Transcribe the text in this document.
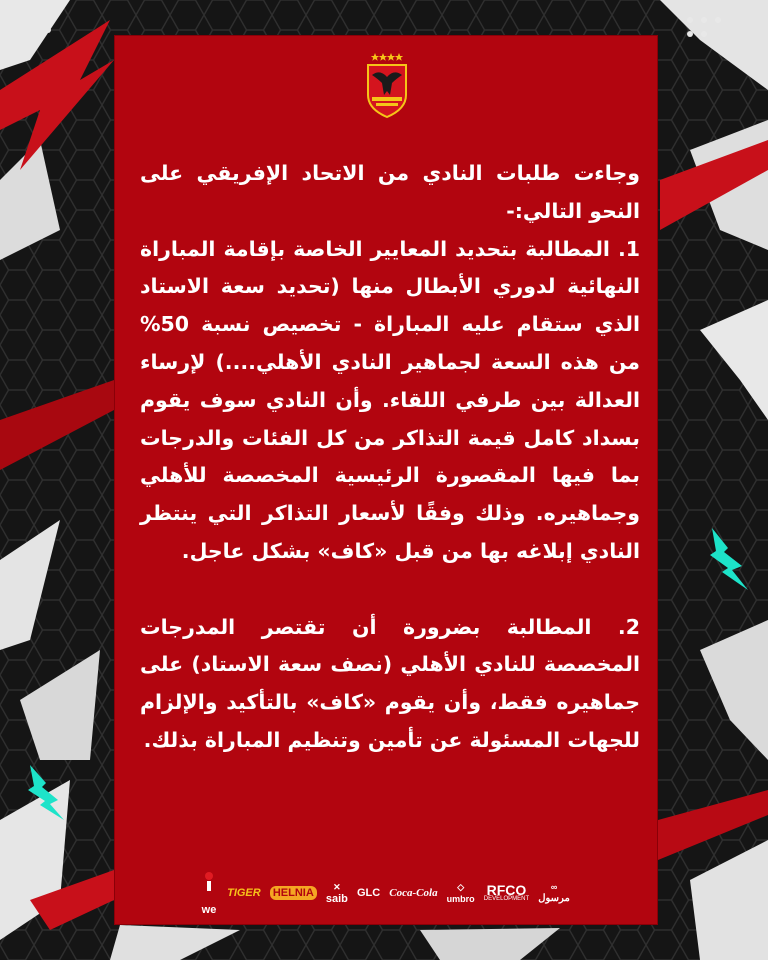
وجاءت طلبات النادي من الاتحاد الإفريقي على النحو التالي:-

1. المطالبة بتحديد المعايير الخاصة بإقامة المباراة النهائية لدوري الأبطال منها (تحديد سعة الاستاد الذي ستقام عليه المباراة - تخصيص نسبة 50% من هذه السعة لجماهير النادي الأهلي....) لإرساء العدالة بين طرفي اللقاء. وأن النادي سوف يقوم بسداد كامل قيمة التذاكر من كل الفئات والدرجات بما فيها المقصورة الرئيسية المخصصة للأهلي وجماهيره. وذلك وفقًا لأسعار التذاكر التي ينتظر النادي إبلاغه بها من قبل «كاف» بشكل عاجل.

2. المطالبة بضرورة أن تقتصر المدرجات المخصصة للنادي الأهلي (نصف سعة الاستاد) على جماهيره فقط، وأن يقوم «كاف» بالتأكيد والإلزام للجهات المسئولة عن تأمين وتنظيم المباراة بذلك.

we
TIGER HELNIA	✕
saib GLC Coca-Cola ◇
umbro
RFCO
DEVELOPMENT
∞
مرسول
